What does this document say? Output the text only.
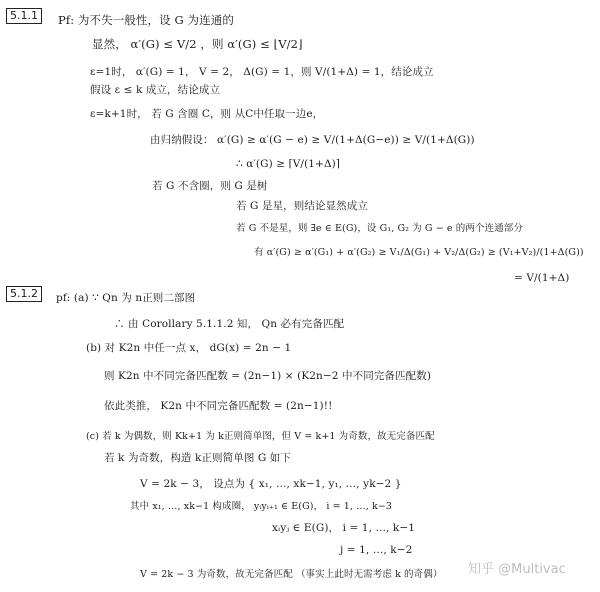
5.1.1	Pf: 为不失一般性，设 G 为连通的
显然， α′(G) ≤ V/2 ，则 α′(G) ≤ ⌊V/2⌋
ε=1时， α′(G) = 1， V = 2， Δ(G) = 1，则 V/(1+Δ) = 1，结论成立
假设 ε ≤ k 成立，结论成立
ε=k+1时， 若 G 含圈 C，则 从C中任取一边e，
由归纳假设： α′(G) ≥ α′(G − e) ≥ V/(1+Δ(G−e)) ≥ V/(1+Δ(G))
∴ α′(G) ≥ ⌈V/(1+Δ)⌉
若 G 不含圈，则 G 是树
若 G 是星，则结论显然成立
若 G 不是星，则 ∃e ∈ E(G)，设 G₁, G₂ 为 G − e 的两个连通部分
有 α′(G) ≥ α′(G₁) + α′(G₂) ≥ V₁/Δ(G₁) + V₂/Δ(G₂) ≥ (V₁+V₂)/(1+Δ(G))
= V/(1+Δ)
5.1.2	pf: (a) ∵ Qn 为 n正则二部图
∴ 由 Corollary 5.1.1.2 知， Qn 必有完备匹配
(b) 对 K2n 中任一点 x， dG(x) = 2n − 1
则 K2n 中不同完备匹配数 = (2n−1) × (K2n−2 中不同完备匹配数)
依此类推， K2n 中不同完备匹配数 = (2n−1)!!
(c) 若 k 为偶数，则 Kk+1 为 k正则简单图，但 V = k+1 为奇数，故无完备匹配
若 k 为奇数，构造 k正则简单图 G 如下
V = 2k − 3， 设点为 { x₁, …, xk−1, y₁, …, yk−2 }
其中 x₁, …, xk−1 构成圈， yᵢyᵢ₊₁ ∈ E(G)， i = 1, …, k−3
xᵢyⱼ ∈ E(G)， i = 1, …, k−1
j = 1, …, k−2
V = 2k − 3 为奇数，故无完备匹配 （事实上此时无需考虑 k 的奇偶） 知乎 @Multivac
